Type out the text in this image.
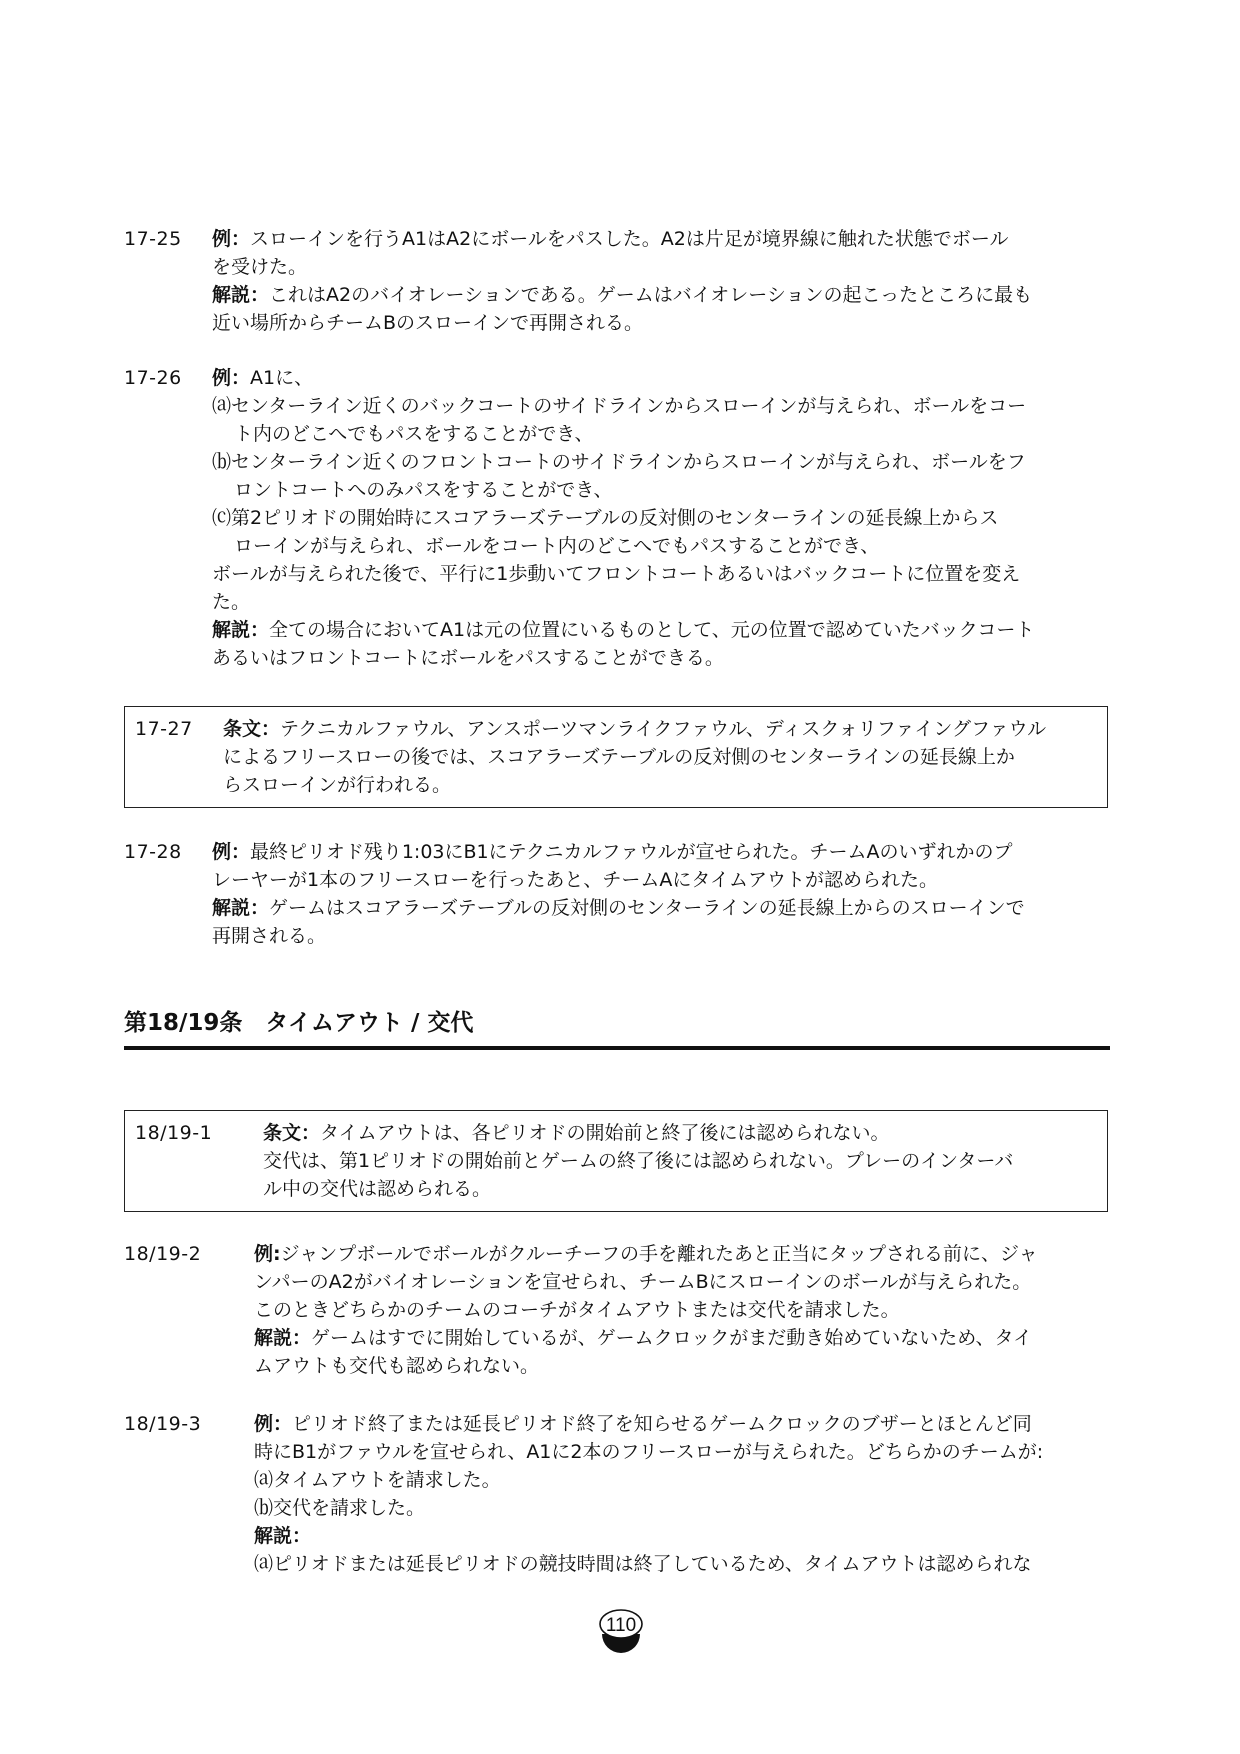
17-25 例：スローインを行うA1はA2にボールをパスした。A2は片足が境界線に触れた状態でボール
を受けた。
解説：これはA2のバイオレーションである。ゲームはバイオレーションの起こったところに最も
近い場所からチームBのスローインで再開される。
17-26 例：A1に、
⒜センターライン近くのバックコートのサイドラインからスローインが与えられ、ボールをコー
ト内のどこへでもパスをすることができ、
⒝センターライン近くのフロントコートのサイドラインからスローインが与えられ、ボールをフ
ロントコートへのみパスをすることができ、
⒞第2ピリオドの開始時にスコアラーズテーブルの反対側のセンターラインの延長線上からス
ローインが与えられ、ボールをコート内のどこへでもパスすることができ、
ボールが与えられた後で、平行に1歩動いてフロントコートあるいはバックコートに位置を変え
た。
解説：全ての場合においてA1は元の位置にいるものとして、元の位置で認めていたバックコート
あるいはフロントコートにボールをパスすることができる。
17-27 条文：テクニカルファウル、アンスポーツマンライクファウル、ディスクォリファイングファウル
によるフリースローの後では、スコアラーズテーブルの反対側のセンターラインの延長線上か
らスローインが行われる。
17-28 例：最終ピリオド残り1:03にB1にテクニカルファウルが宣せられた。チームAのいずれかのプ
レーヤーが1本のフリースローを行ったあと、チームAにタイムアウトが認められた。
解説：ゲームはスコアラーズテーブルの反対側のセンターラインの延長線上からのスローインで
再開される。
第18/19条　タイムアウト / 交代
18/19-1	条文：タイムアウトは、各ピリオドの開始前と終了後には認められない。
交代は、第1ピリオドの開始前とゲームの終了後には認められない。プレーのインターバ
ル中の交代は認められる。
18/19-2	例:ジャンプボールでボールがクルーチーフの手を離れたあと正当にタップされる前に、ジャ
ンパーのA2がバイオレーションを宣せられ、チームBにスローインのボールが与えられた。
このときどちらかのチームのコーチがタイムアウトまたは交代を請求した。
解説：ゲームはすでに開始しているが、ゲームクロックがまだ動き始めていないため、タイ
ムアウトも交代も認められない。
18/19-3	例：ピリオド終了または延長ピリオド終了を知らせるゲームクロックのブザーとほとんど同
時にB1がファウルを宣せられ、A1に2本のフリースローが与えられた。どちらかのチームが:
⒜タイムアウトを請求した。
⒝交代を請求した。
解説：
⒜ピリオドまたは延長ピリオドの競技時間は終了しているため、タイムアウトは認められな
110
